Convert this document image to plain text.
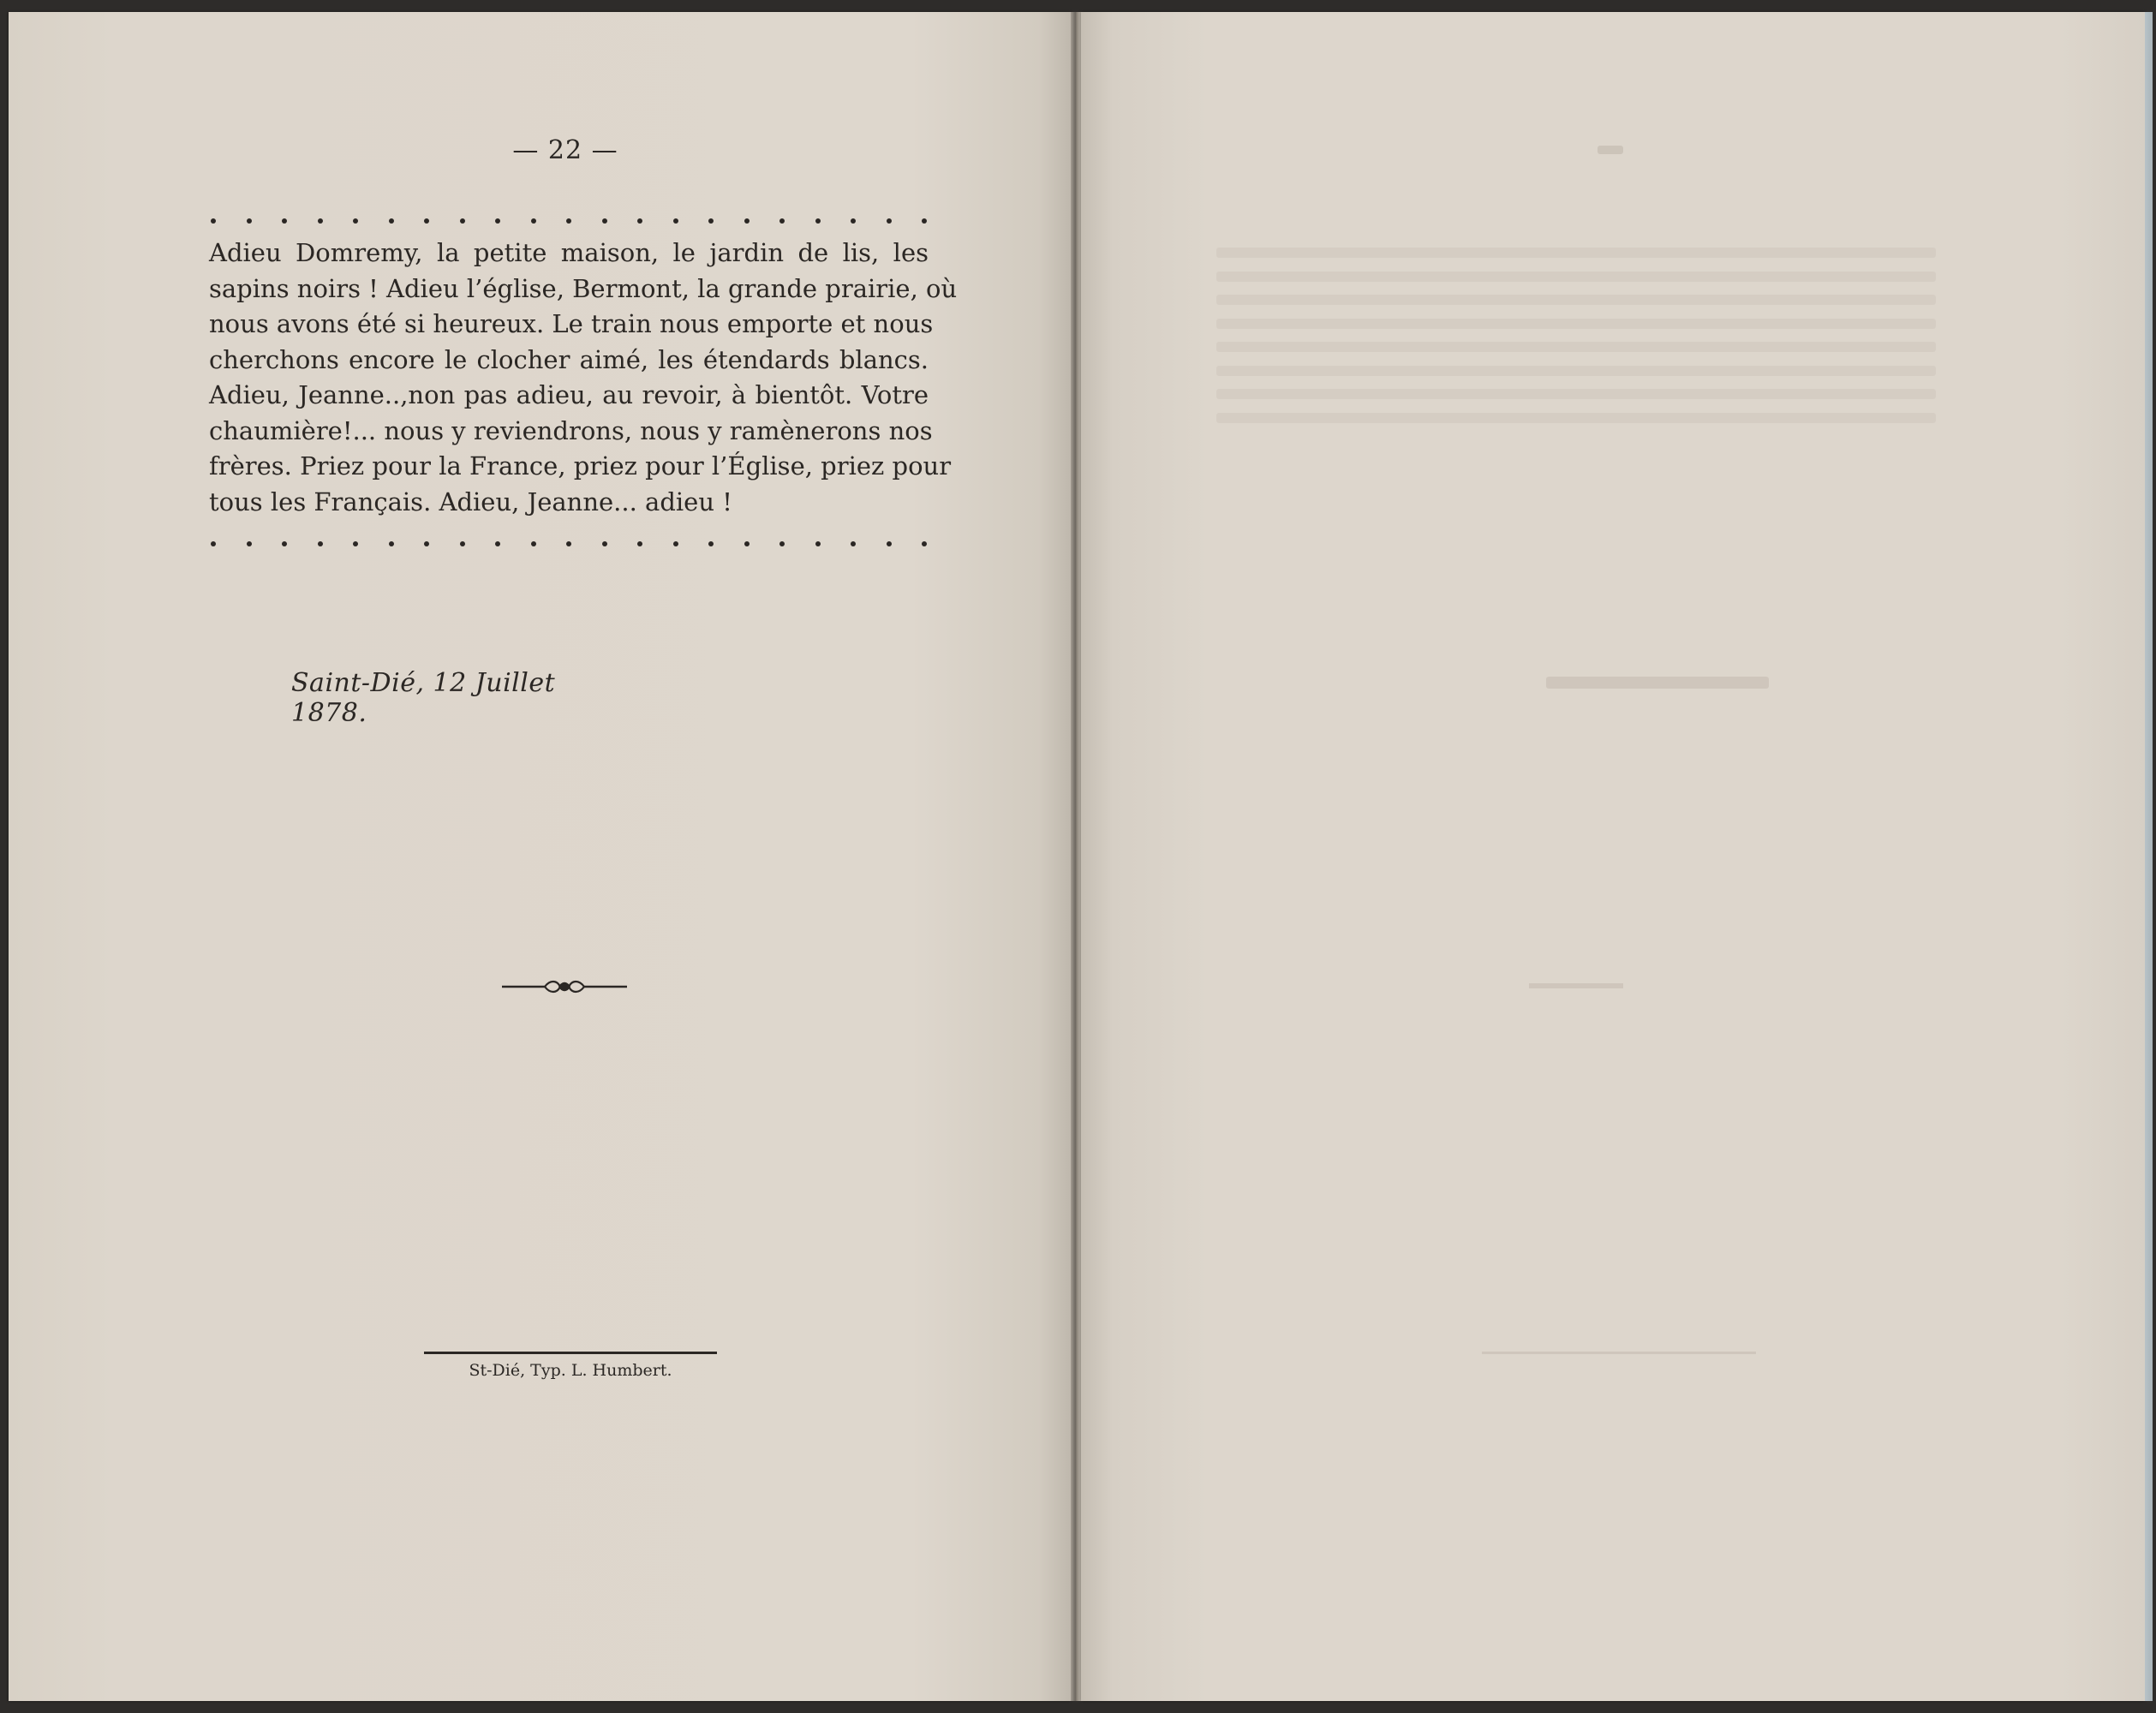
— 22 —
Adieu Domremy, la petite maison, le jardin de lis, les
sapins noirs ! Adieu l’église, Bermont, la grande prairie, où
nous avons été si heureux. Le train nous emporte et nous
cherchons encore le clocher aimé, les étendards blancs.
Adieu, Jeanne..,non pas adieu, au revoir, à bientôt. Votre
chaumière!... nous y reviendrons, nous y ramènerons nos
frères. Priez pour la France, priez pour l’Église, priez pour
tous les Français. Adieu, Jeanne... adieu !
Saint-Dié, 12 Juillet 1878.
St-Dié, Typ. L. Humbert.
